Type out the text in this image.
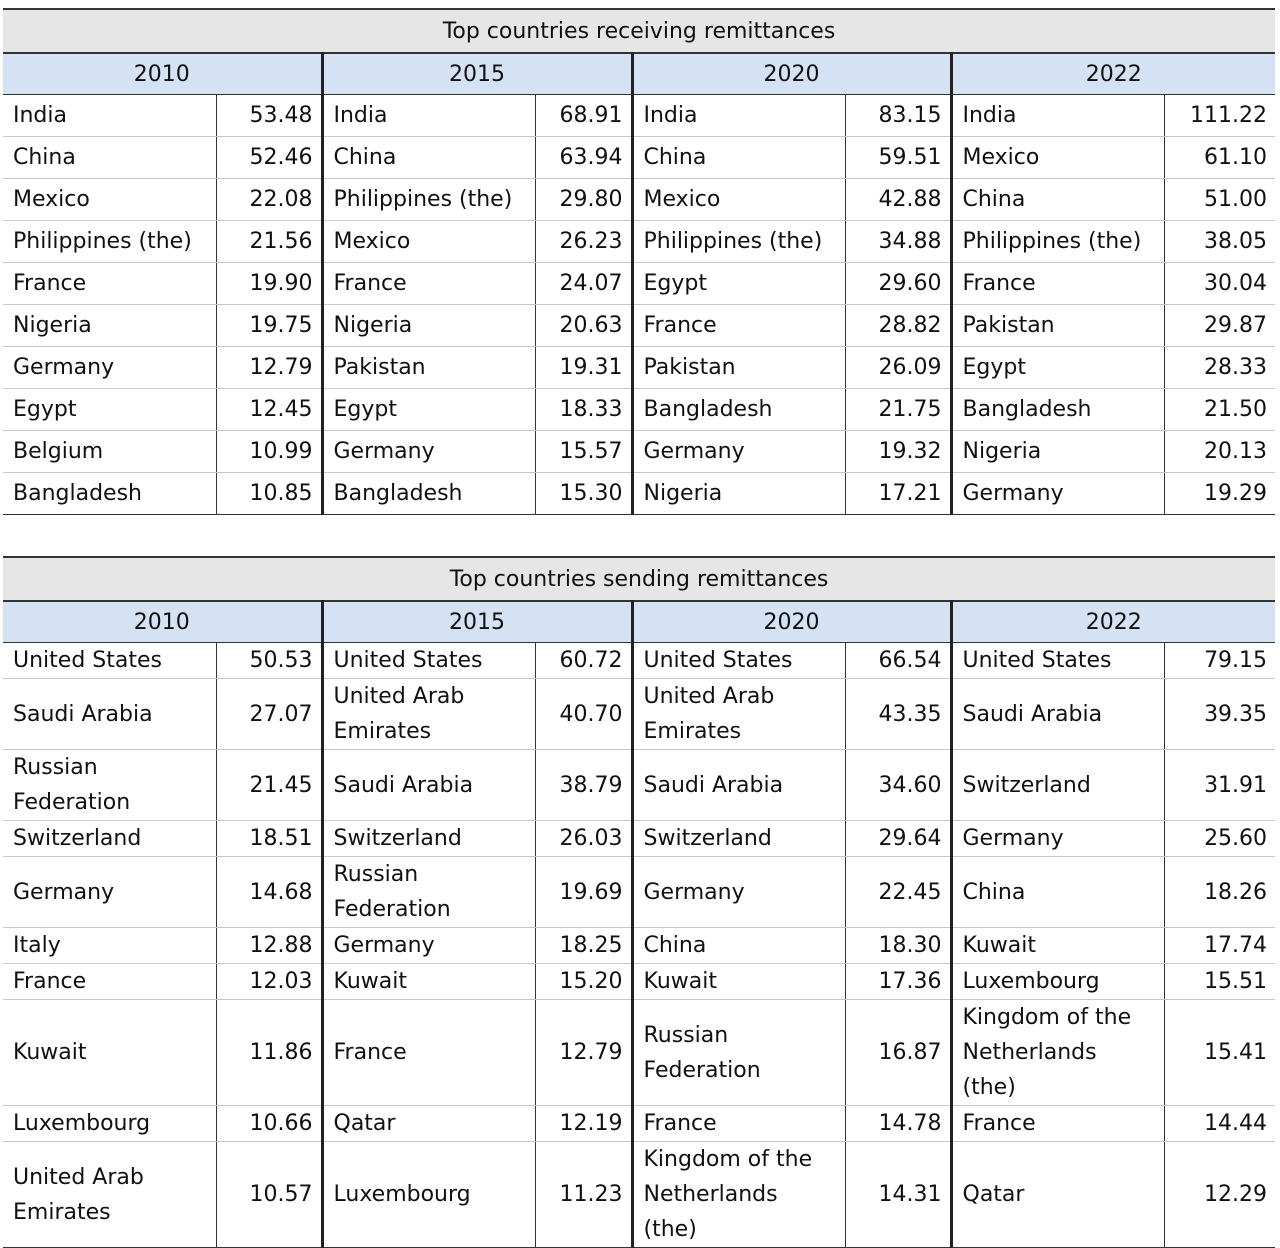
Top countries receiving remittances							
2010		2015		2020		2022	
India	53.48	India	68.91	India	83.15	India	111.22
China	52.46	China	63.94	China	59.51	Mexico	61.10
Mexico	22.08	Philippines (the)	29.80	Mexico	42.88	China	51.00
Philippines (the)	21.56	Mexico	26.23	Philippines (the)	34.88	Philippines (the)	38.05
France	19.90	France	24.07	Egypt	29.60	France	30.04
Nigeria	19.75	Nigeria	20.63	France	28.82	Pakistan	29.87
Germany	12.79	Pakistan	19.31	Pakistan	26.09	Egypt	28.33
Egypt	12.45	Egypt	18.33	Bangladesh	21.75	Bangladesh	21.50
Belgium	10.99	Germany	15.57	Germany	19.32	Nigeria	20.13
Bangladesh	10.85	Bangladesh	15.30	Nigeria	17.21	Germany	19.29
Top countries sending remittances							
2010		2015		2020		2022	
United States	50.53	United States	60.72	United States	66.54	United States	79.15
Saudi Arabia	27.07	United Arab Emirates	40.70	United Arab Emirates	43.35	Saudi Arabia	39.35
Russian Federation	21.45	Saudi Arabia	38.79	Saudi Arabia	34.60	Switzerland	31.91
Switzerland	18.51	Switzerland	26.03	Switzerland	29.64	Germany	25.60
Germany	14.68	Russian Federation	19.69	Germany	22.45	China	18.26
Italy	12.88	Germany	18.25	China	18.30	Kuwait	17.74
France	12.03	Kuwait	15.20	Kuwait	17.36	Luxembourg	15.51
Kuwait	11.86	France	12.79	Russian Federation	16.87	Kingdom of the Netherlands (the)	15.41
Luxembourg	10.66	Qatar	12.19	France	14.78	France	14.44
United Arab Emirates	10.57	Luxembourg	11.23	Kingdom of the Netherlands (the)	14.31	Qatar	12.29
